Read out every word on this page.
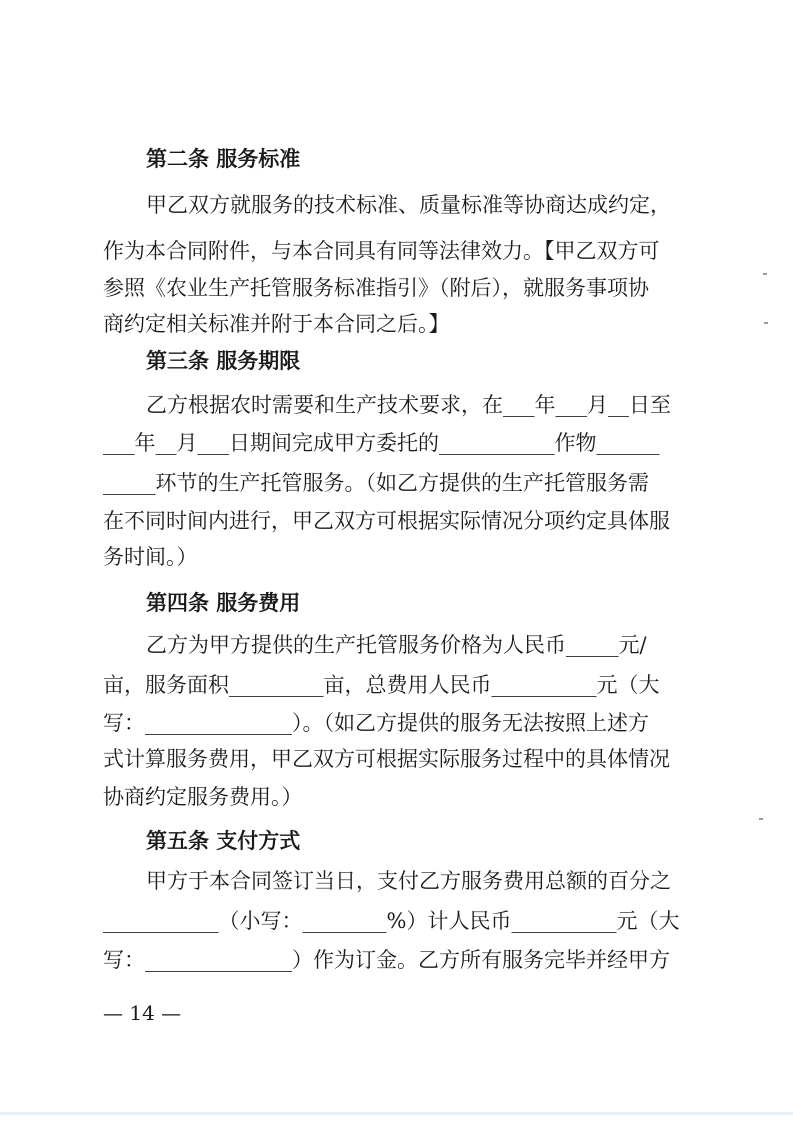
第二条 服务标准
甲乙双方就服务的技术标准、质量标准等协商达成约定，
作为本合同附件，与本合同具有同等法律效力。【甲乙双方可
参照《农业生产托管服务标准指引》（附后），就服务事项协
商约定相关标准并附于本合同之后。】
第三条 服务期限
乙方根据农时需要和生产技术要求，在___年___月__日至
___年__月___日期间完成甲方委托的___________作物______
_____环节的生产托管服务。（如乙方提供的生产托管服务需
在不同时间内进行，甲乙双方可根据实际情况分项约定具体服
务时间。）
第四条 服务费用
乙方为甲方提供的生产托管服务价格为人民币_____元/
亩，服务面积_________亩，总费用人民币__________元（大
写：______________）。（如乙方提供的服务无法按照上述方
式计算服务费用，甲乙双方可根据实际服务过程中的具体情况
协商约定服务费用。）
第五条 支付方式
甲方于本合同签订当日，支付乙方服务费用总额的百分之
___________（小写：________%）计人民币__________元（大
写：______________）作为订金。乙方所有服务完毕并经甲方
— 14 —
